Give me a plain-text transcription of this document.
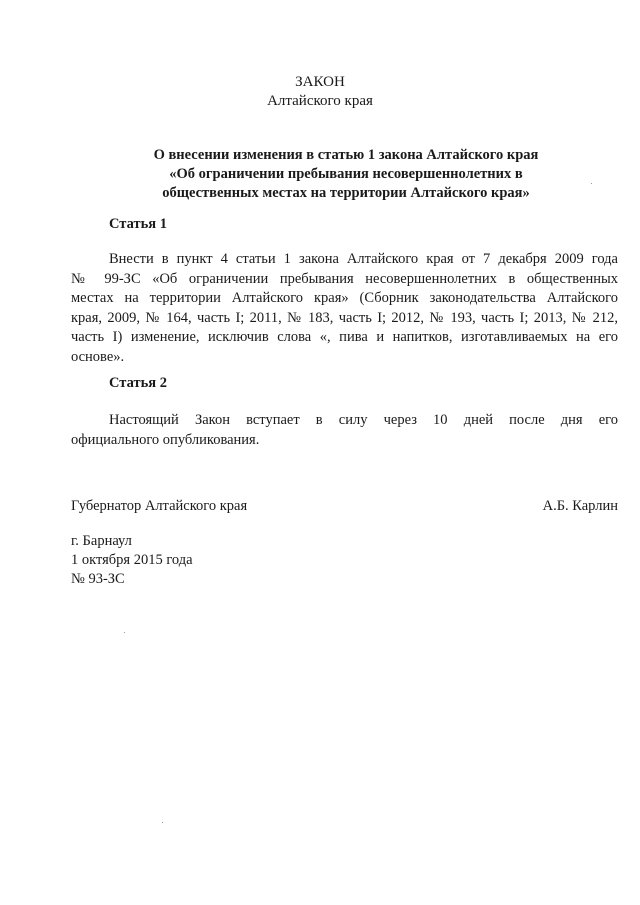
ЗАКОН
Алтайского края
О внесении изменения в статью 1 закона Алтайского края
«Об ограничении пребывания несовершеннолетних в
общественных местах на территории Алтайского края»
Статья 1
Внести в пункт 4 статьи 1 закона Алтайского края от 7 декабря 2009 года
№ 99-ЗС «Об ограничении пребывания несовершеннолетних в общественных
местах на территории Алтайского края» (Сборник законодательства Алтайского
края, 2009, № 164, часть I; 2011, № 183, часть I; 2012, № 193, часть I; 2013, № 212,
часть I) изменение, исключив слова «, пива и напитков, изготавливаемых на его
основе».
Статья 2
Настоящий Закон вступает в силу через 10 дней после дня его
официального опубликования.
Губернатор Алтайского края	А.Б. Карлин
г. Барнаул
1 октября 2015 года
№ 93-ЗС
